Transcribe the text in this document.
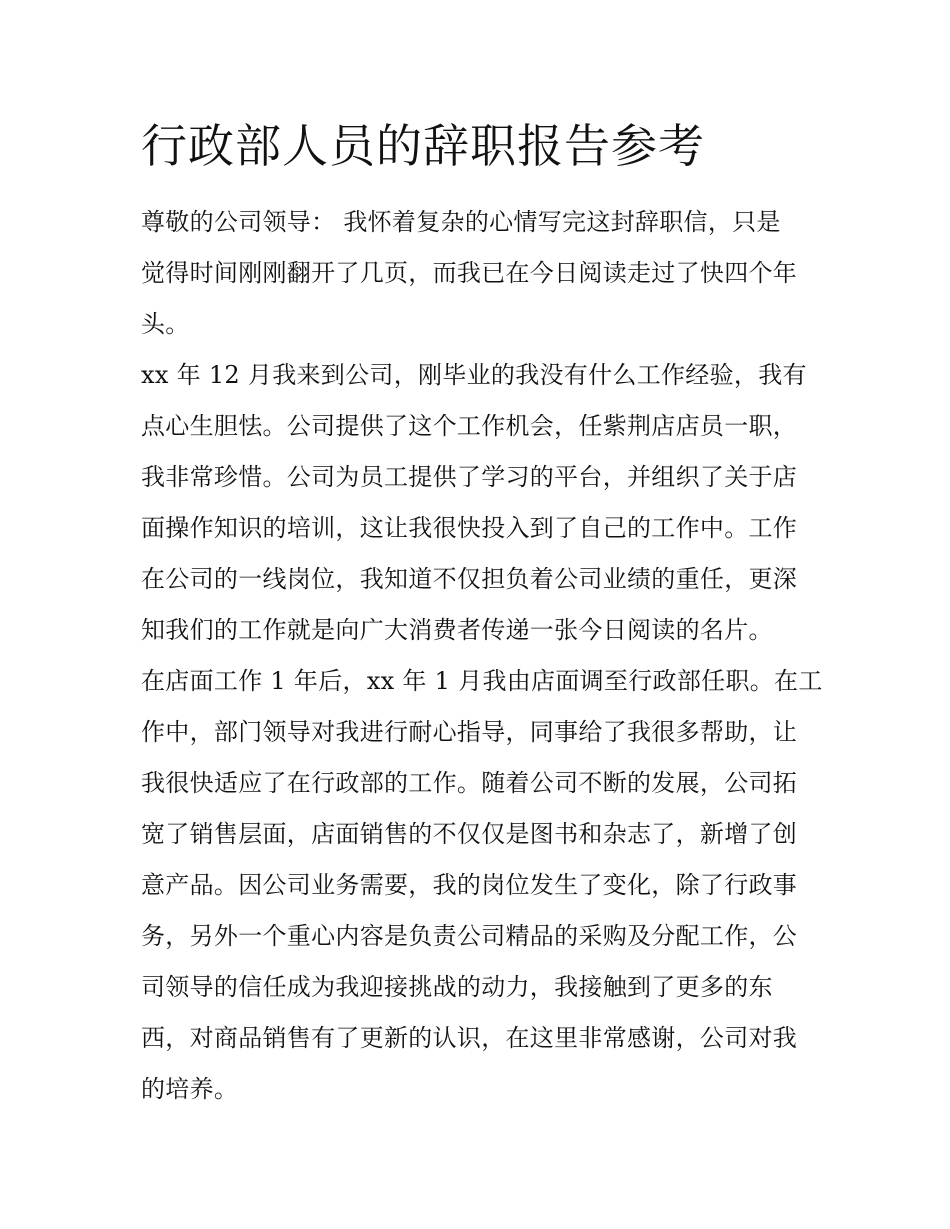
行政部人员的辞职报告参考
尊敬的公司领导： 我怀着复杂的心情写完这封辞职信，只是
觉得时间刚刚翻开了几页，而我已在今日阅读走过了快四个年
头。
xx 年 12 月我来到公司，刚毕业的我没有什么工作经验，我有
点心生胆怯。公司提供了这个工作机会，任紫荆店店员一职，
我非常珍惜。公司为员工提供了学习的平台，并组织了关于店
面操作知识的培训，这让我很快投入到了自己的工作中。工作
在公司的一线岗位，我知道不仅担负着公司业绩的重任，更深
知我们的工作就是向广大消费者传递一张今日阅读的名片。
在店面工作 1 年后，xx 年 1 月我由店面调至行政部任职。在工
作中，部门领导对我进行耐心指导，同事给了我很多帮助，让
我很快适应了在行政部的工作。随着公司不断的发展，公司拓
宽了销售层面，店面销售的不仅仅是图书和杂志了，新增了创
意产品。因公司业务需要，我的岗位发生了变化，除了行政事
务，另外一个重心内容是负责公司精品的采购及分配工作，公
司领导的信任成为我迎接挑战的动力，我接触到了更多的东
西，对商品销售有了更新的认识，在这里非常感谢，公司对我
的培养。
